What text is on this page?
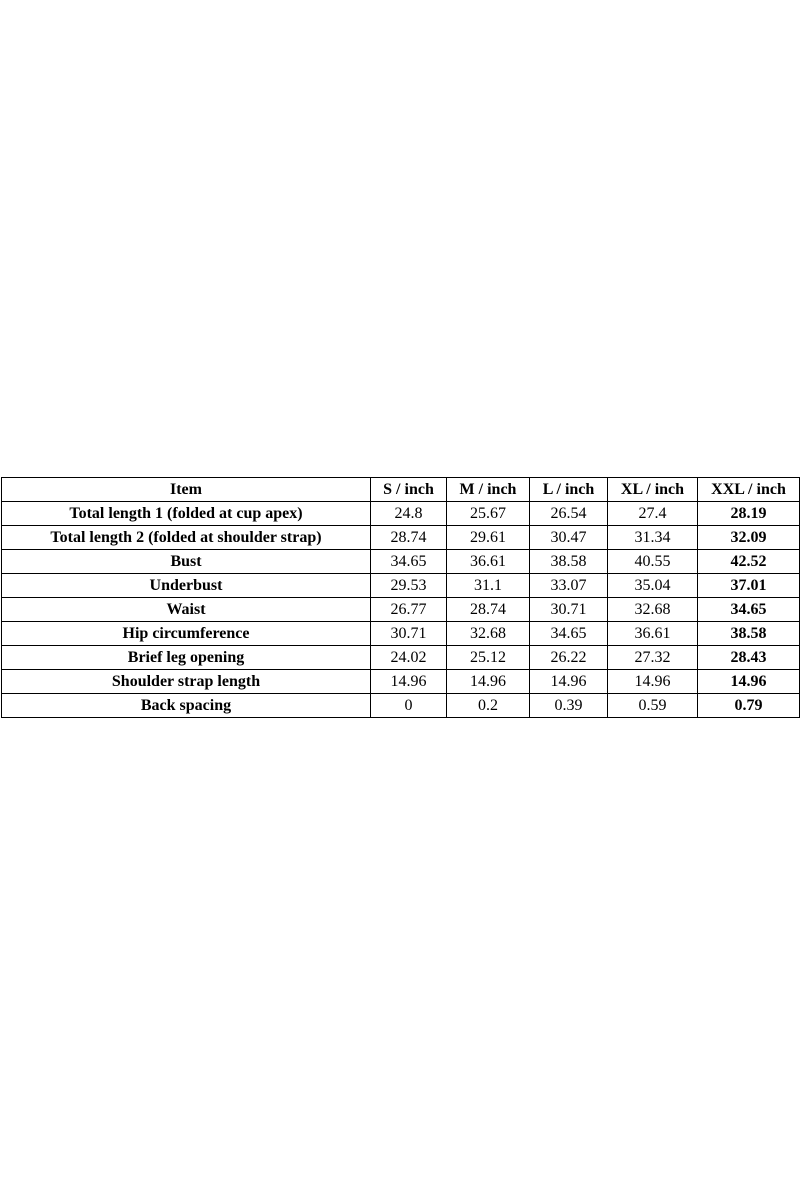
Item	S / inch	M / inch	L / inch	XL / inch	XXL / inch
Total length 1 (folded at cup apex)	24.8	25.67	26.54	27.4	28.19
Total length 2 (folded at shoulder strap)	28.74	29.61	30.47	31.34	32.09
Bust	34.65	36.61	38.58	40.55	42.52
Underbust	29.53	31.1	33.07	35.04	37.01
Waist	26.77	28.74	30.71	32.68	34.65
Hip circumference	30.71	32.68	34.65	36.61	38.58
Brief leg opening	24.02	25.12	26.22	27.32	28.43
Shoulder strap length	14.96	14.96	14.96	14.96	14.96
Back spacing	0	0.2	0.39	0.59	0.79
